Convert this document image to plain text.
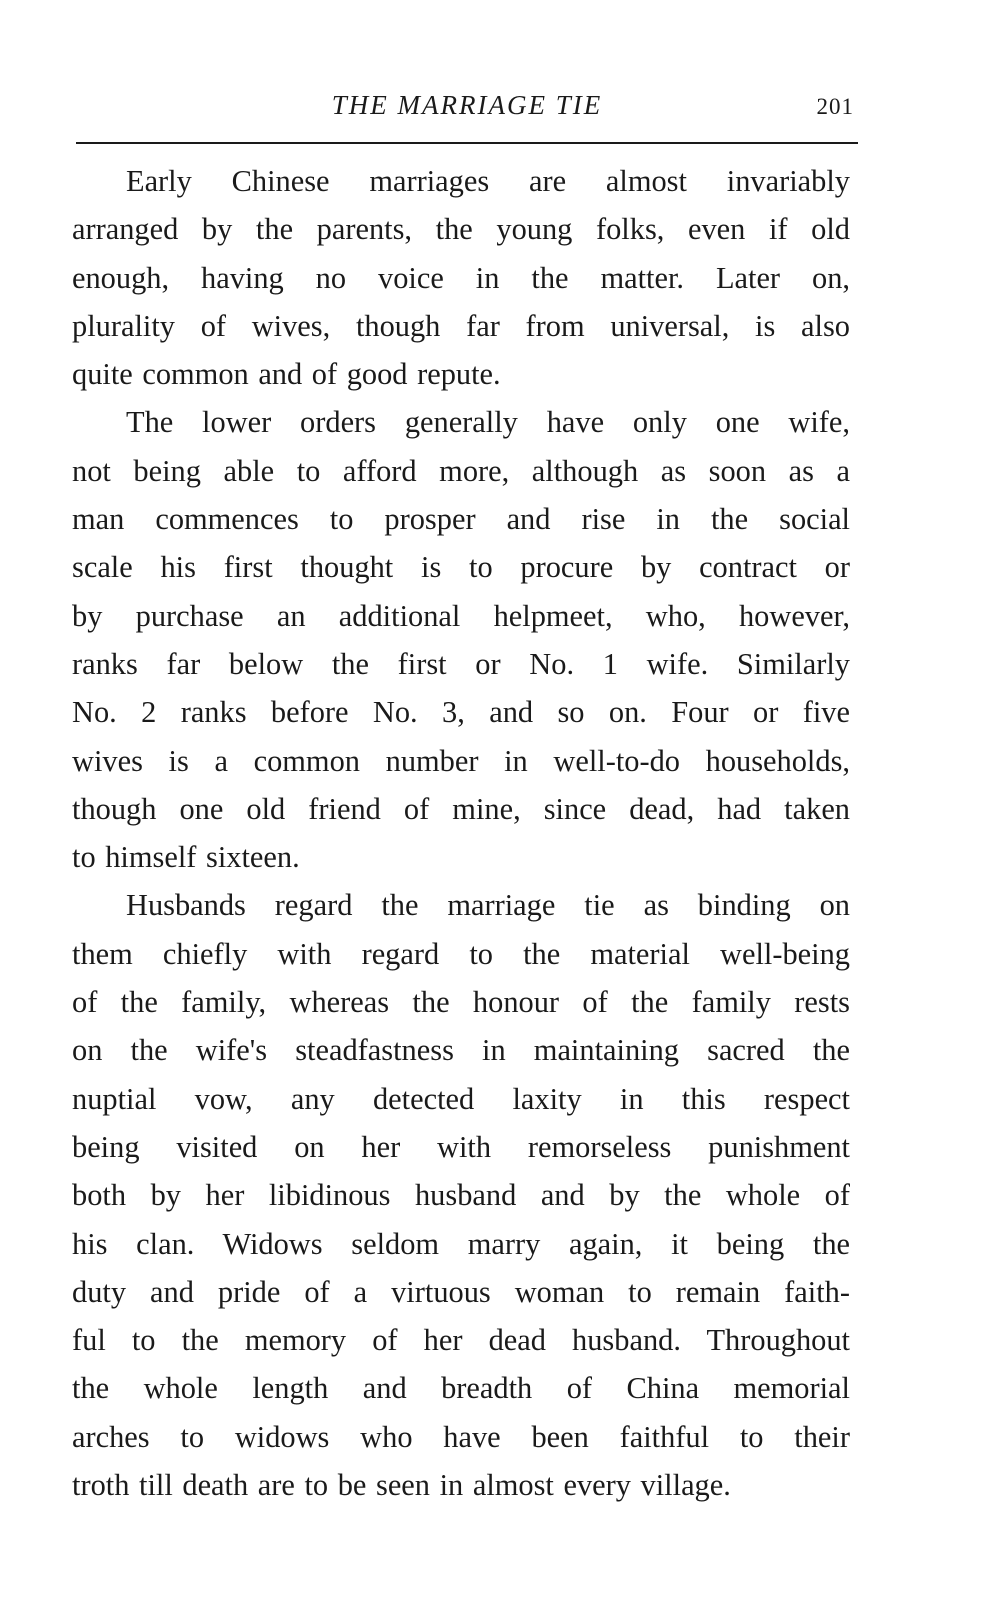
THE MARRIAGE TIE	201
Early Chinese marriages are almost invariably
arranged by the parents, the young folks, even if old
enough, having no voice in the matter. Later on,
plurality of wives, though far from universal, is also
quite common and of good repute.
The lower orders generally have only one wife,
not being able to afford more, although as soon as a
man commences to prosper and rise in the social
scale his first thought is to procure by contract or
by purchase an additional helpmeet, who, however,
ranks far below the first or No. 1 wife. Similarly
No. 2 ranks before No. 3, and so on. Four or five
wives is a common number in well-to-do households,
though one old friend of mine, since dead, had taken
to himself sixteen.
Husbands regard the marriage tie as binding on
them chiefly with regard to the material well-being
of the family, whereas the honour of the family rests
on the wife's steadfastness in maintaining sacred the
nuptial vow, any detected laxity in this respect
being visited on her with remorseless punishment
both by her libidinous husband and by the whole of
his clan. Widows seldom marry again, it being the
duty and pride of a virtuous woman to remain faith-
ful to the memory of her dead husband. Throughout
the whole length and breadth of China memorial
arches to widows who have been faithful to their
troth till death are to be seen in almost every village.
